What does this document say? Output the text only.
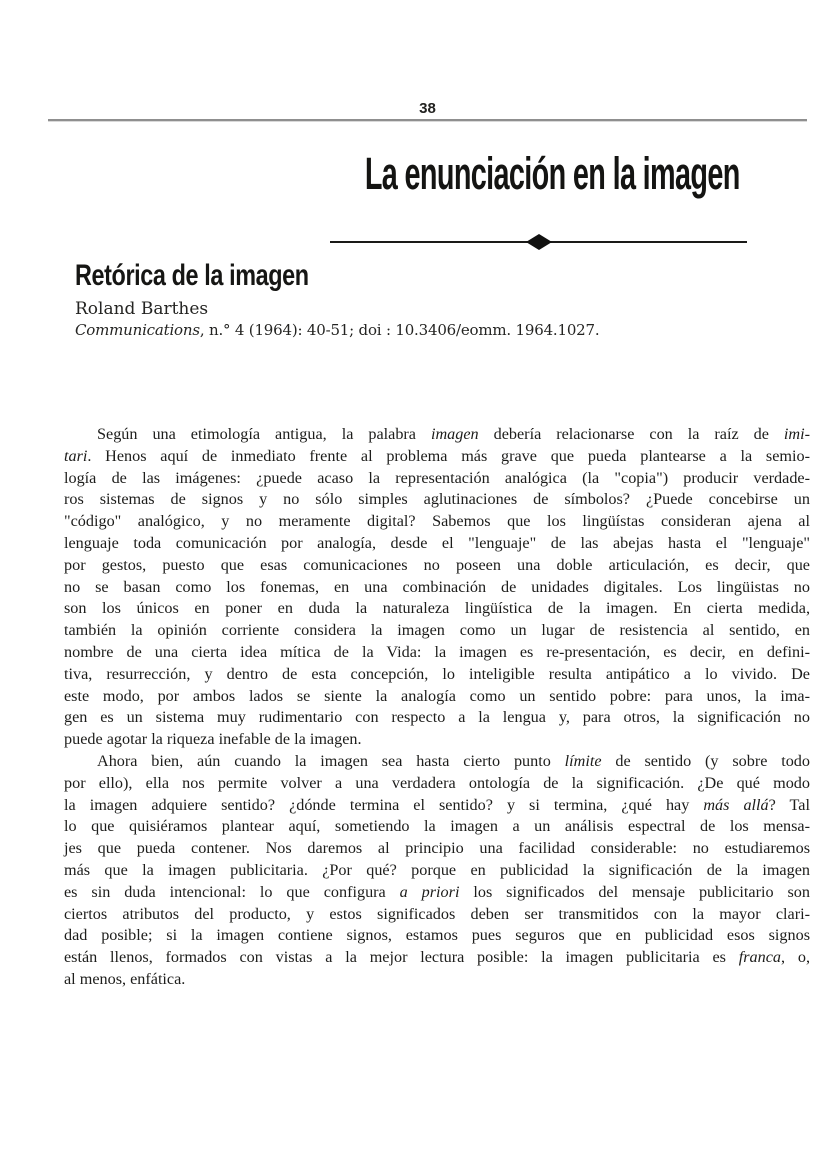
38
La enunciación en la imagen
Retórica de la imagen
Roland Barthes
Communications, n.° 4 (1964): 40-51; doi : 10.3406/eomm. 1964.1027.
Según una etimología antigua, la palabra imagen debería relacionarse con la raíz de imi-
tari. Henos aquí de inmediato frente al problema más grave que pueda plantearse a la semio-
logía de las imágenes: ¿puede acaso la representación analógica (la "copia") producir verdade-
ros sistemas de signos y no sólo simples aglutinaciones de símbolos? ¿Puede concebirse un
"código" analógico, y no meramente digital? Sabemos que los lingüístas consideran ajena al
lenguaje toda comunicación por analogía, desde el "lenguaje" de las abejas hasta el "lenguaje"
por gestos, puesto que esas comunicaciones no poseen una doble articulación, es decir, que
no se basan como los fonemas, en una combinación de unidades digitales. Los lingüistas no
son los únicos en poner en duda la naturaleza lingüística de la imagen. En cierta medida,
también la opinión corriente considera la imagen como un lugar de resistencia al sentido, en
nombre de una cierta idea mítica de la Vida: la imagen es re-presentación, es decir, en defini-
tiva, resurrección, y dentro de esta concepción, lo inteligible resulta antipático a lo vivido. De
este modo, por ambos lados se siente la analogía como un sentido pobre: para unos, la ima-
gen es un sistema muy rudimentario con respecto a la lengua y, para otros, la significación no
puede agotar la riqueza inefable de la imagen.
Ahora bien, aún cuando la imagen sea hasta cierto punto límite de sentido (y sobre todo
por ello), ella nos permite volver a una verdadera ontología de la significación. ¿De qué modo
la imagen adquiere sentido? ¿dónde termina el sentido? y si termina, ¿qué hay más allá? Tal
lo que quisiéramos plantear aquí, sometiendo la imagen a un análisis espectral de los mensa-
jes que pueda contener. Nos daremos al principio una facilidad considerable: no estudiaremos
más que la imagen publicitaria. ¿Por qué? porque en publicidad la significación de la imagen
es sin duda intencional: lo que configura a priori los significados del mensaje publicitario son
ciertos atributos del producto, y estos significados deben ser transmitidos con la mayor clari-
dad posible; si la imagen contiene signos, estamos pues seguros que en publicidad esos signos
están llenos, formados con vistas a la mejor lectura posible: la imagen publicitaria es franca, o,
al menos, enfática.
